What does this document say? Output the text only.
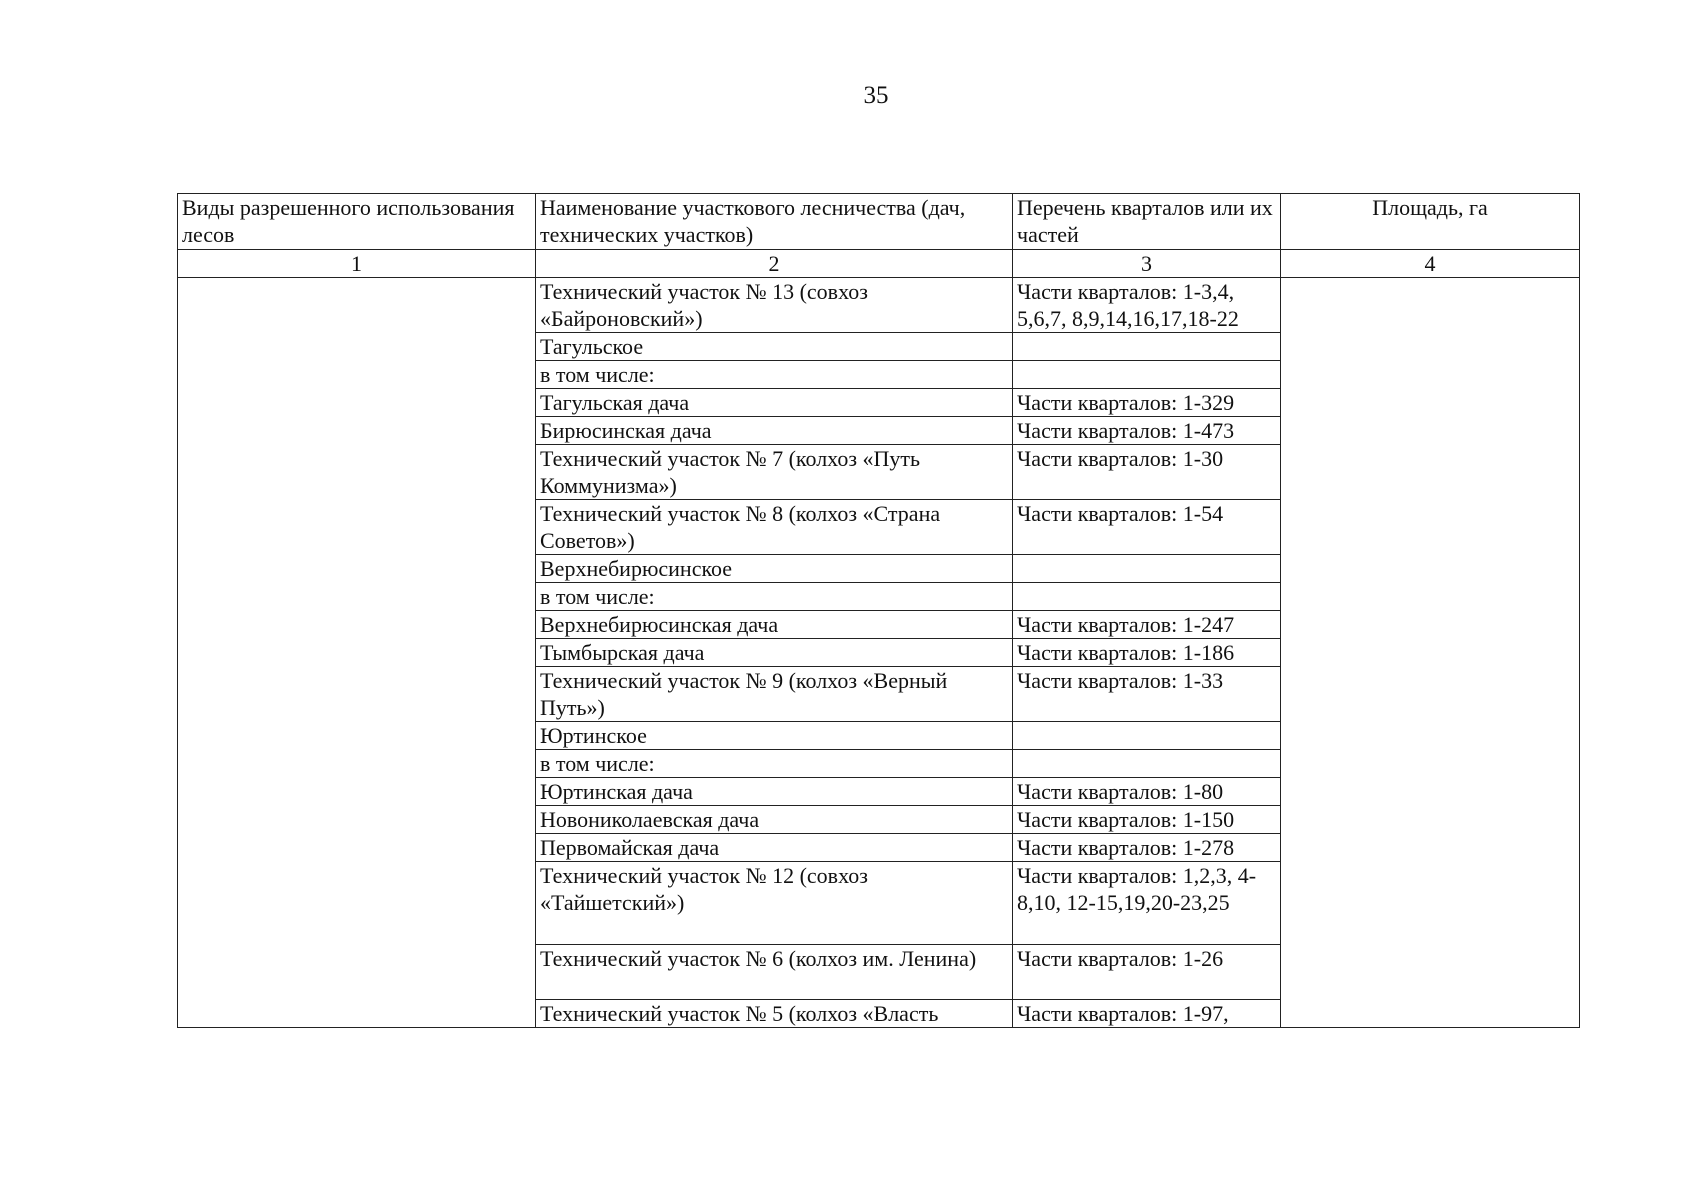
35
Виды разрешенного использования лесов	Наименование участкового лесничества (дач, технических участков)	Перечень кварталов или их частей	Площадь, га
1	2	3	4
	Технический участок № 13 (совхоз «Байроновский»)	Части кварталов: 1-3,4, 5,6,7, 8,9,14,16,17,18-22	
	Тагульское		
	в том числе:		
	Тагульская дача	Части кварталов: 1-329	
	Бирюсинская дача	Части кварталов: 1-473	
	Технический участок № 7 (колхоз «Путь Коммунизма»)	Части кварталов: 1-30	
	Технический участок № 8 (колхоз «Страна Советов»)	Части кварталов: 1-54	
	Верхнебирюсинское		
	в том числе:		
	Верхнебирюсинская дача	Части кварталов: 1-247	
	Тымбырская дача	Части кварталов: 1-186	
	Технический участок № 9 (колхоз «Верный Путь»)	Части кварталов: 1-33	
	Юртинское		
	в том числе:		
	Юртинская дача	Части кварталов: 1-80	
	Новониколаевская дача	Части кварталов: 1-150	
	Первомайская дача	Части кварталов: 1-278	
	Технический участок № 12 (совхоз «Тайшетский»)	Части кварталов: 1,2,3, 4-8,10, 12-15,19,20-23,25	
	Технический участок № 6 (колхоз им. Ленина)	Части кварталов: 1-26	
	Технический участок № 5 (колхоз «Власть	Части кварталов: 1-97,	
